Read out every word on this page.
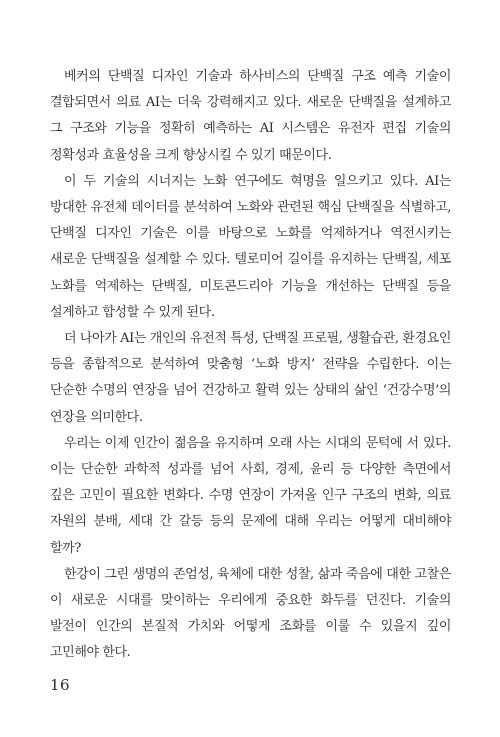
베커의 단백질 디자인 기술과 하사비스의 단백질 구조 예측 기술이 결합되면서 의료 AI는 더욱 강력해지고 있다. 새로운 단백질을 설계하고 그 구조와 기능을 정확히 예측하는 AI 시스템은 유전자 편집 기술의 정확성과 효율성을 크게 향상시킬 수 있기 때문이다.

이 두 기술의 시너지는 노화 연구에도 혁명을 일으키고 있다. AI는 방대한 유전체 데이터를 분석하여 노화와 관련된 핵심 단백질을 식별하고, 단백질 디자인 기술은 이를 바탕으로 노화를 억제하거나 역전시키는 새로운 단백질을 설계할 수 있다. 텔로미어 길이를 유지하는 단백질, 세포 노화를 억제하는 단백질, 미토콘드리아 기능을 개선하는 단백질 등을 설계하고 합성할 수 있게 된다.

더 나아가 AI는 개인의 유전적 특성, 단백질 프로필, 생활습관, 환경요인 등을 종합적으로 분석하여 맞춤형 ‘노화 방지’ 전략을 수립한다. 이는 단순한 수명의 연장을 넘어 건강하고 활력 있는 상태의 삶인 ‘건강수명’의 연장을 의미한다.

우리는 이제 인간이 젊음을 유지하며 오래 사는 시대의 문턱에 서 있다. 이는 단순한 과학적 성과를 넘어 사회, 경제, 윤리 등 다양한 측면에서 깊은 고민이 필요한 변화다. 수명 연장이 가져올 인구 구조의 변화, 의료 자원의 분배, 세대 간 갈등 등의 문제에 대해 우리는 어떻게 대비해야 할까?

한강이 그린 생명의 존엄성, 육체에 대한 성찰, 삶과 죽음에 대한 고찰은 이 새로운 시대를 맞이하는 우리에게 중요한 화두를 던진다. 기술의 발전이 인간의 본질적 가치와 어떻게 조화를 이룰 수 있을지 깊이 고민해야 한다.

16
